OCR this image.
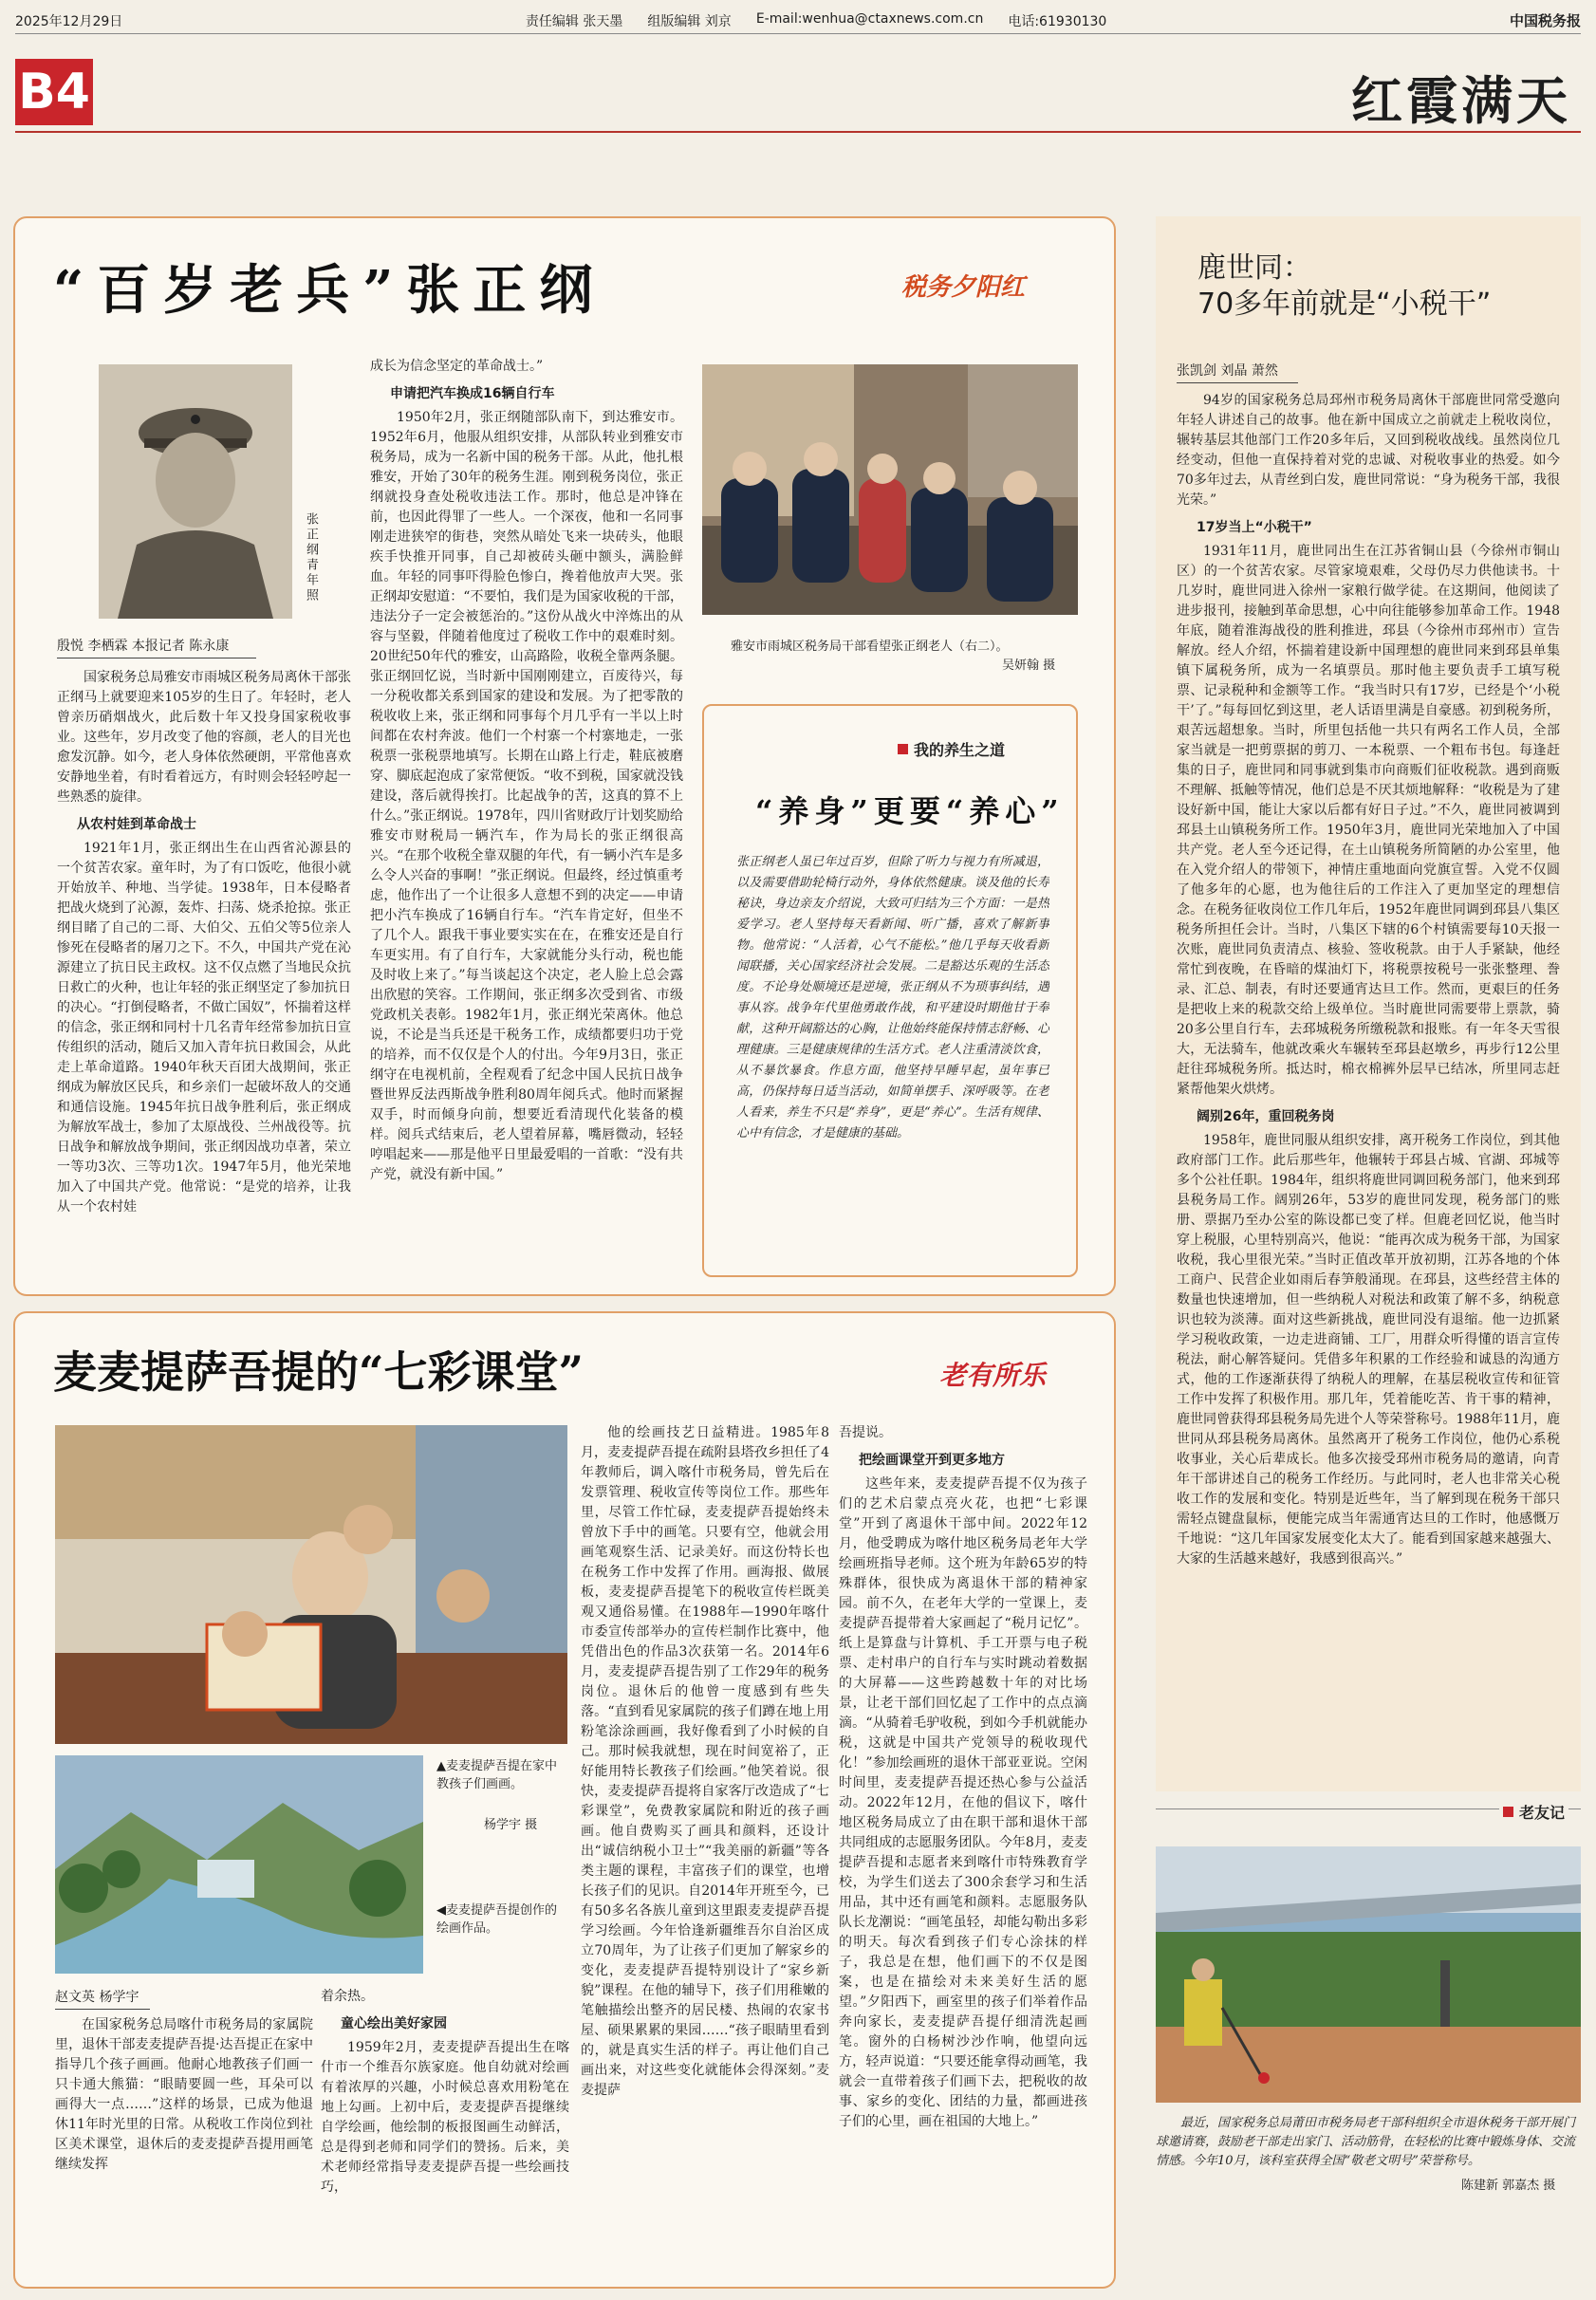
2025年12月29日	责任编辑 张天墨 组版编辑 刘京 E-mail:wenhua@ctaxnews.com.cn 电话:61930130	中国税务报
B4	红霞满天
“百岁老兵”张正纲	税务夕阳红
张正纲青年照
殷悦 李栖霖 本报记者 陈永康

国家税务总局雅安市雨城区税务局离休干部张正纲马上就要迎来105岁的生日了。年轻时，老人曾亲历硝烟战火，此后数十年又投身国家税收事业。这些年，岁月改变了他的容颜，老人的目光也愈发沉静。如今，老人身体依然硬朗，平常他喜欢安静地坐着，有时看着远方，有时则会轻轻哼起一些熟悉的旋律。

从农村娃到革命战士

1921年1月，张正纲出生在山西省沁源县的一个贫苦农家。童年时，为了有口饭吃，他很小就开始放羊、种地、当学徒。1938年，日本侵略者把战火烧到了沁源，轰炸、扫荡、烧杀抢掠。张正纲目睹了自己的二哥、大伯父、五伯父等5位亲人惨死在侵略者的屠刀之下。不久，中国共产党在沁源建立了抗日民主政权。这不仅点燃了当地民众抗日救亡的火种，也让年轻的张正纲坚定了参加抗日的决心。“打倒侵略者，不做亡国奴”，怀揣着这样的信念，张正纲和同村十几名青年经常参加抗日宣传组织的活动，随后又加入青年抗日救国会，从此走上革命道路。1940年秋天百团大战期间，张正纲成为解放区民兵，和乡亲们一起破坏敌人的交通和通信设施。1945年抗日战争胜利后，张正纲成为解放军战士，参加了太原战役、兰州战役等。抗日战争和解放战争期间，张正纲因战功卓著，荣立一等功3次、三等功1次。1947年5月，他光荣地加入了中国共产党。他常说：“是党的培养，让我从一个农村娃

成长为信念坚定的革命战士。”
申请把汽车换成16辆自行车

1950年2月，张正纲随部队南下，到达雅安市。1952年6月，他服从组织安排，从部队转业到雅安市税务局，成为一名新中国的税务干部。从此，他扎根雅安，开始了30年的税务生涯。刚到税务岗位，张正纲就投身查处税收违法工作。那时，他总是冲锋在前，也因此得罪了一些人。一个深夜，他和一名同事刚走进狭窄的街巷，突然从暗处飞来一块砖头，他眼疾手快推开同事，自己却被砖头砸中额头，满脸鲜血。年轻的同事吓得脸色惨白，搀着他放声大哭。张正纲却安慰道：“不要怕，我们是为国家收税的干部，违法分子一定会被惩治的。”这份从战火中淬炼出的从容与坚毅，伴随着他度过了税收工作中的艰难时刻。20世纪50年代的雅安，山高路险，收税全靠两条腿。张正纲回忆说，当时新中国刚刚建立，百废待兴，每一分税收都关系到国家的建设和发展。为了把零散的税收收上来，张正纲和同事每个月几乎有一半以上时间都在农村奔波。他们一个村寨一个村寨地走，一张税票一张税票地填写。长期在山路上行走，鞋底被磨穿、脚底起泡成了家常便饭。“收不到税，国家就没钱建设，落后就得挨打。比起战争的苦，这真的算不上什么。”张正纲说。1978年，四川省财政厅计划奖励给雅安市财税局一辆汽车，作为局长的张正纲很高兴。“在那个收税全靠双腿的年代，有一辆小汽车是多么令人兴奋的事啊！”张正纲说。但最终，经过慎重考虑，他作出了一个让很多人意想不到的决定——申请把小汽车换成了16辆自行车。“汽车肯定好，但坐不了几个人。跟我干事业要实实在在，在雅安还是自行车更实用。有了自行车，大家就能分头行动，税也能及时收上来了。”每当谈起这个决定，老人脸上总会露出欣慰的笑容。工作期间，张正纲多次受到省、市级党政机关表彰。1982年1月，张正纲光荣离休。他总说，不论是当兵还是干税务工作，成绩都要归功于党的培养，而不仅仅是个人的付出。今年9月3日，张正纲守在电视机前，全程观看了纪念中国人民抗日战争暨世界反法西斯战争胜利80周年阅兵式。他时而紧握双手，时而倾身向前，想要近看清现代化装备的模样。阅兵式结束后，老人望着屏幕，嘴唇微动，轻轻哼唱起来——那是他平日里最爱唱的一首歌：“没有共产党，就没有新中国。”

雅安市雨城区税务局干部看望张正纲老人（右二）。
吴妍翰 摄
我的养生之道
“养身”更要“养心”
张正纲老人虽已年过百岁，但除了听力与视力有所减退，以及需要借助轮椅行动外，身体依然健康。谈及他的长寿秘诀，身边亲友介绍说，大致可归结为三个方面：一是热爱学习。老人坚持每天看新闻、听广播，喜欢了解新事物。他常说：“人活着，心气不能松。”他几乎每天收看新闻联播，关心国家经济社会发展。二是豁达乐观的生活态度。不论身处顺境还是逆境，张正纲从不为琐事纠结，遇事从容。战争年代里他勇敢作战，和平建设时期他甘于奉献，这种开阔豁达的心胸，让他始终能保持情志舒畅、心理健康。三是健康规律的生活方式。老人注重清淡饮食，从不暴饮暴食。作息方面，他坚持早睡早起，虽年事已高，仍保持每日适当活动，如简单摆手、深呼吸等。在老人看来，养生不只是“养身”，更是“养心”。生活有规律、心中有信念，才是健康的基础。
麦麦提萨吾提的“七彩课堂”	老有所乐
▲麦麦提萨吾提在家中教孩子们画画。
杨学宇 摄
◀麦麦提萨吾提创作的绘画作品。
赵文英 杨学宇
在国家税务总局喀什市税务局的家属院里，退休干部麦麦提萨吾提·达吾提正在家中指导几个孩子画画。他耐心地教孩子们画一只卡通大熊猫：“眼睛要圆一些，耳朵可以画得大一点……”这样的场景，已成为他退休11年时光里的日常。从税收工作岗位到社区美术课堂，退休后的麦麦提萨吾提用画笔继续发挥
着余热。
童心绘出美好家园

1959年2月，麦麦提萨吾提出生在喀什市一个维吾尔族家庭。他自幼就对绘画有着浓厚的兴趣，小时候总喜欢用粉笔在地上勾画。上初中后，麦麦提萨吾提继续自学绘画，他绘制的板报图画生动鲜活，总是得到老师和同学们的赞扬。后来，美术老师经常指导麦麦提萨吾提一些绘画技巧，

他的绘画技艺日益精进。1985年8月，麦麦提萨吾提在疏附县塔孜乡担任了4年教师后，调入喀什市税务局，曾先后在发票管理、税收宣传等岗位工作。那些年里，尽管工作忙碌，麦麦提萨吾提始终未曾放下手中的画笔。只要有空，他就会用画笔观察生活、记录美好。而这份特长也在税务工作中发挥了作用。画海报、做展板，麦麦提萨吾提笔下的税收宣传栏既美观又通俗易懂。在1988年—1990年喀什市委宣传部举办的宣传栏制作比赛中，他凭借出色的作品3次获第一名。2014年6月，麦麦提萨吾提告别了工作29年的税务岗位。退休后的他曾一度感到有些失落。“直到看见家属院的孩子们蹲在地上用粉笔涂涂画画，我好像看到了小时候的自己。那时候我就想，现在时间宽裕了，正好能用特长教孩子们绘画。”他笑着说。很快，麦麦提萨吾提将自家客厅改造成了“七彩课堂”，免费教家属院和附近的孩子画画。他自费购买了画具和颜料，还设计出“诚信纳税小卫士”“我美丽的新疆”等各类主题的课程，丰富孩子们的课堂，也增长孩子们的见识。自2014年开班至今，已有50多名各族儿童到这里跟麦麦提萨吾提学习绘画。今年恰逢新疆维吾尔自治区成立70周年，为了让孩子们更加了解家乡的变化，麦麦提萨吾提特别设计了“家乡新貌”课程。在他的辅导下，孩子们用稚嫩的笔触描绘出整齐的居民楼、热闹的农家书屋、硕果累累的果园……“孩子眼睛里看到的，就是真实生活的样子。再让他们自己画出来，对这些变化就能体会得深刻。”麦麦提萨
吾提说。
把绘画课堂开到更多地方

这些年来，麦麦提萨吾提不仅为孩子们的艺术启蒙点亮火花，也把“七彩课堂”开到了离退休干部中间。2022年12月，他受聘成为喀什地区税务局老年大学绘画班指导老师。这个班为年龄65岁的特殊群体，很快成为离退休干部的精神家园。前不久，在老年大学的一堂课上，麦麦提萨吾提带着大家画起了“税月记忆”。纸上是算盘与计算机、手工开票与电子税票、走村串户的自行车与实时跳动着数据的大屏幕——这些跨越数十年的对比场景，让老干部们回忆起了工作中的点点滴滴。“从骑着毛驴收税，到如今手机就能办税，这就是中国共产党领导的税收现代化！”参加绘画班的退休干部亚亚说。空闲时间里，麦麦提萨吾提还热心参与公益活动。2022年12月，在他的倡议下，喀什地区税务局成立了由在职干部和退休干部共同组成的志愿服务团队。今年8月，麦麦提萨吾提和志愿者来到喀什市特殊教育学校，为学生们送去了300余套学习和生活用品，其中还有画笔和颜料。志愿服务队队长龙潮说：“画笔虽轻，却能勾勒出多彩的明天。每次看到孩子们专心涂抹的样子，我总是在想，他们画下的不仅是图案，也是在描绘对未来美好生活的愿望。”夕阳西下，画室里的孩子们举着作品奔向家长，麦麦提萨吾提仔细清洗起画笔。窗外的白杨树沙沙作响，他望向远方，轻声说道：“只要还能拿得动画笔，我就会一直带着孩子们画下去，把税收的故事、家乡的变化、团结的力量，都画进孩子们的心里，画在祖国的大地上。”

鹿世同：
70多年前就是“小税干”
张凯剑 刘晶 萧然

94岁的国家税务总局邳州市税务局离休干部鹿世同常受邀向年轻人讲述自己的故事。他在新中国成立之前就走上税收岗位，辗转基层其他部门工作20多年后，又回到税收战线。虽然岗位几经变动，但他一直保持着对党的忠诚、对税收事业的热爱。如今70多年过去，从青丝到白发，鹿世同常说：“身为税务干部，我很光荣。”

17岁当上“小税干”

1931年11月，鹿世同出生在江苏省铜山县（今徐州市铜山区）的一个贫苦农家。尽管家境艰难，父母仍尽力供他读书。十几岁时，鹿世同进入徐州一家粮行做学徒。在这期间，他阅读了进步报刊，接触到革命思想，心中向往能够参加革命工作。1948年底，随着淮海战役的胜利推进，邳县（今徐州市邳州市）宣告解放。经人介绍，怀揣着建设新中国理想的鹿世同来到邳县单集镇下属税务所，成为一名填票员。那时他主要负责手工填写税票、记录税种和金额等工作。“我当时只有17岁，已经是个‘小税干’了。”每每回忆到这里，老人话语里满是自豪感。初到税务所，艰苦远超想象。当时，所里包括他一共只有两名工作人员，全部家当就是一把剪票据的剪刀、一本税票、一个粗布书包。每逢赶集的日子，鹿世同和同事就到集市向商贩们征收税款。遇到商贩不理解、抵触等情况，他们总是不厌其烦地解释：“收税是为了建设好新中国，能让大家以后都有好日子过。”不久，鹿世同被调到邳县土山镇税务所工作。1950年3月，鹿世同光荣地加入了中国共产党。老人至今还记得，在土山镇税务所简陋的办公室里，他在入党介绍人的带领下，神情庄重地面向党旗宣誓。入党不仅圆了他多年的心愿，也为他往后的工作注入了更加坚定的理想信念。在税务征收岗位工作几年后，1952年鹿世同调到邳县八集区税务所担任会计。当时，八集区下辖的6个村镇需要每10天报一次账，鹿世同负责清点、核验、签收税款。由于人手紧缺，他经常忙到夜晚，在昏暗的煤油灯下，将税票按税号一张张整理、誊录、汇总、制表，有时还要通宵达旦工作。然而，更艰巨的任务是把收上来的税款交给上级单位。当时鹿世同需要带上票款，骑20多公里自行车，去邳城税务所缴税款和报账。有一年冬天雪很大，无法骑车，他就改乘火车辗转至邳县赵墩乡，再步行12公里赶往邳城税务所。抵达时，棉衣棉裤外层早已结冰，所里同志赶紧帮他架火烘烤。

阔别26年，重回税务岗

1958年，鹿世同服从组织安排，离开税务工作岗位，到其他政府部门工作。此后那些年，他辗转于邳县占城、官湖、邳城等多个公社任职。1984年，组织将鹿世同调回税务部门，他来到邳县税务局工作。阔别26年，53岁的鹿世同发现，税务部门的账册、票据乃至办公室的陈设都已变了样。但鹿老回忆说，他当时穿上税服，心里特别高兴，他说：“能再次成为税务干部，为国家收税，我心里很光荣。”当时正值改革开放初期，江苏各地的个体工商户、民营企业如雨后春笋般涌现。在邳县，这些经营主体的数量也快速增加，但一些纳税人对税法和政策了解不多，纳税意识也较为淡薄。面对这些新挑战，鹿世同没有退缩。他一边抓紧学习税收政策，一边走进商铺、工厂，用群众听得懂的语言宣传税法，耐心解答疑问。凭借多年积累的工作经验和诚恳的沟通方式，他的工作逐渐获得了纳税人的理解，在基层税收宣传和征管工作中发挥了积极作用。那几年，凭着能吃苦、肯干事的精神，鹿世同曾获得邳县税务局先进个人等荣誉称号。1988年11月，鹿世同从邳县税务局离休。虽然离开了税务工作岗位，他仍心系税收事业，关心后辈成长。他多次接受邳州市税务局的邀请，向青年干部讲述自己的税务工作经历。与此同时，老人也非常关心税收工作的发展和变化。特别是近些年，当了解到现在税务干部只需轻点键盘鼠标，便能完成当年需通宵达旦的工作时，他感慨万千地说：“这几年国家发展变化太大了。能看到国家越来越强大、大家的生活越来越好，我感到很高兴。”

老友记
最近，国家税务总局莆田市税务局老干部科组织全市退休税务干部开展门球邀请赛，鼓励老干部走出家门、活动筋骨，在轻松的比赛中锻炼身体、交流情感。今年10月，该科室获得全国“敬老文明号”荣誉称号。
陈建新 郭嘉杰 摄
